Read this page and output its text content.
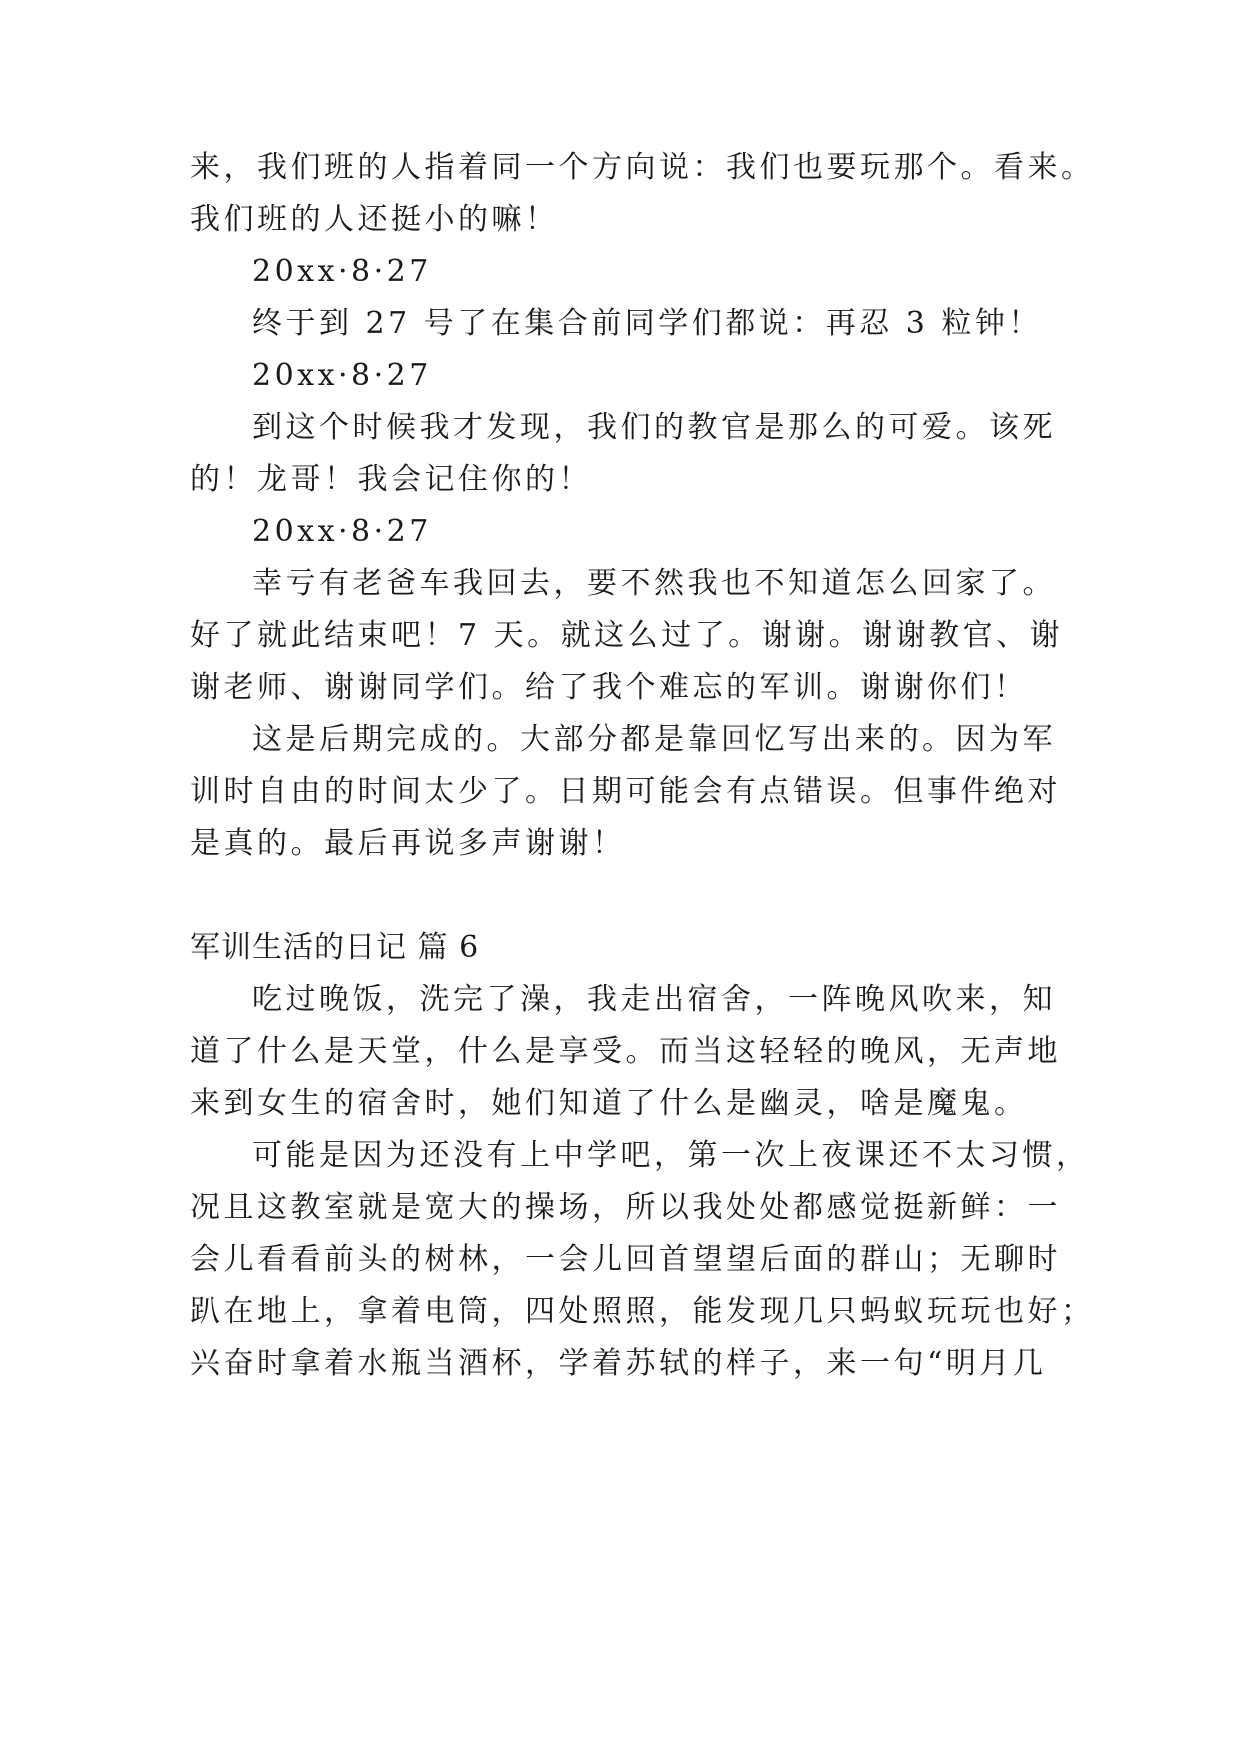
来，我们班的人指着同一个方向说：我们也要玩那个。看来。
我们班的人还挺小的嘛！
20xx·8·27
终于到 27 号了在集合前同学们都说：再忍 3 粒钟！
20xx·8·27
到这个时候我才发现，我们的教官是那么的可爱。该死
的！龙哥！我会记住你的！
20xx·8·27
幸亏有老爸车我回去，要不然我也不知道怎么回家了。
好了就此结束吧！7 天。就这么过了。谢谢。谢谢教官、谢
谢老师、谢谢同学们。给了我个难忘的军训。谢谢你们！
这是后期完成的。大部分都是靠回忆写出来的。因为军
训时自由的时间太少了。日期可能会有点错误。但事件绝对
是真的。最后再说多声谢谢！
军训生活的日记 篇 6
吃过晚饭，洗完了澡，我走出宿舍，一阵晚风吹来，知
道了什么是天堂，什么是享受。而当这轻轻的晚风，无声地
来到女生的宿舍时，她们知道了什么是幽灵，啥是魔鬼。
可能是因为还没有上中学吧，第一次上夜课还不太习惯，
况且这教室就是宽大的操场，所以我处处都感觉挺新鲜：一
会儿看看前头的树林，一会儿回首望望后面的群山；无聊时
趴在地上，拿着电筒，四处照照，能发现几只蚂蚁玩玩也好；
兴奋时拿着水瓶当酒杯，学着苏轼的样子，来一句“明月几
